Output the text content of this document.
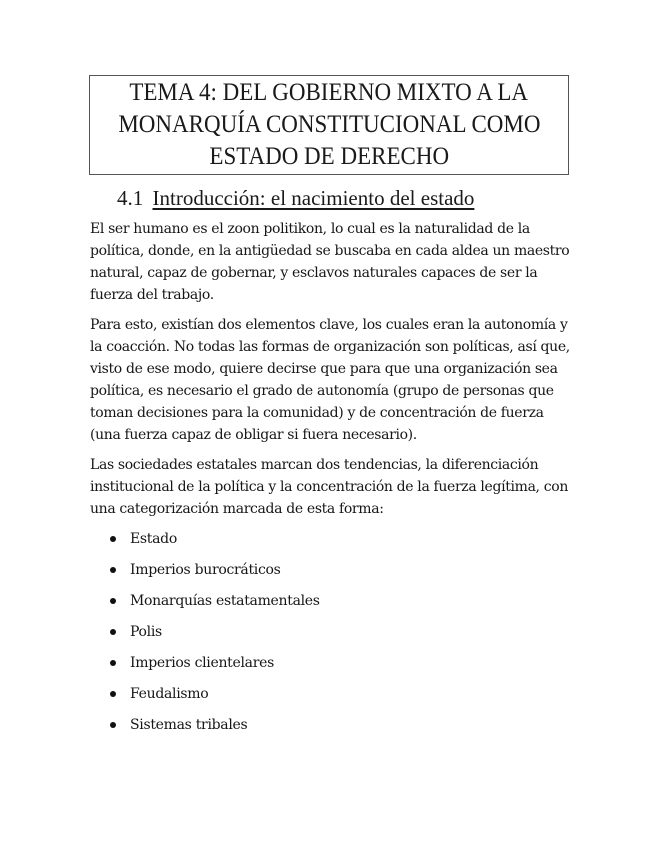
TEMA 4: DEL GOBIERNO MIXTO A LA
MONARQUÍA CONSTITUCIONAL COMO
ESTADO DE DERECHO
4.1 Introducción: el nacimiento del estado

El ser humano es el zoon politikon, lo cual es la naturalidad de la política, donde, en la antigüedad se buscaba en cada aldea un maestro natural, capaz de gobernar, y esclavos naturales capaces de ser la fuerza del trabajo.

Para esto, existían dos elementos clave, los cuales eran la autonomía y la coacción. No todas las formas de organización son políticas, así que, visto de ese modo, quiere decirse que para que una organización sea política, es necesario el grado de autonomía (grupo de personas que toman decisiones para la comunidad) y de concentración de fuerza (una fuerza capaz de obligar si fuera necesario).

Las sociedades estatales marcan dos tendencias, la diferenciación institucional de la política y la concentración de la fuerza legítima, con una categorización marcada de esta forma:

Estado
Imperios burocráticos
Monarquías estatamentales
Polis
Imperios clientelares
Feudalismo
Sistemas tribales
